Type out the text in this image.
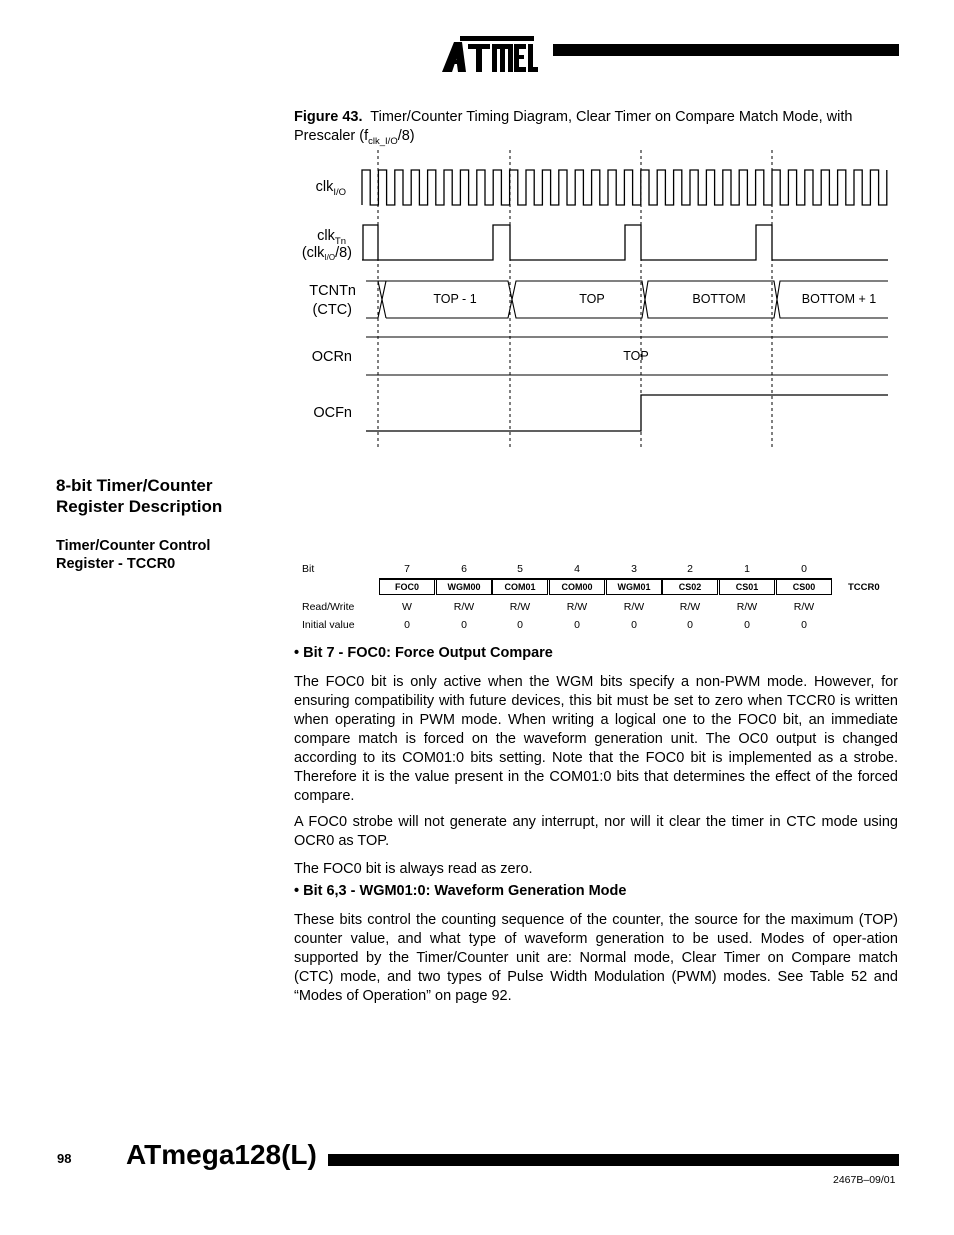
Figure 43. Timer/Counter Timing Diagram, Clear Timer on Compare Match Mode, with Prescaler $(f_{clk\_I/O}/8)$
TOP - 1	TOP	BOTTOM	BOTTOM + 1
TOP
clk$_{I/O}$
clk$_{Tn}$
(clk$_{I/O}$/8)
TCNTn
(CTC)
OCRn
OCFn
8-bit Timer/Counter
Register Description
Timer/Counter Control
Register - TCCR0	Bit	7	6	5	4	3	2	1	0
FOC0	WGM00	COM01	COM00	WGM01	CS02	CS01	CS00	TCCR0
Read/Write	W	R/W	R/W	R/W	R/W	R/W	R/W	R/W
Initial value	0	0	0	0	0	0	0	0
• Bit 7 - FOC0: Force Output Compare
The FOC0 bit is only active when the WGM bits specify a non-PWM mode. However, for ensuring compatibility with future devices, this bit must be set to zero when TCCR0 is written when operating in PWM mode. When writing a logical one to the FOC0 bit, an immediate compare match is forced on the waveform generation unit. The OC0 output is changed according to its COM01:0 bits setting. Note that the FOC0 bit is implemented as a strobe. Therefore it is the value present in the COM01:0 bits that determines the effect of the forced compare.
A FOC0 strobe will not generate any interrupt, nor will it clear the timer in CTC mode using OCR0 as TOP.
The FOC0 bit is always read as zero.
• Bit 6,3 - WGM01:0: Waveform Generation Mode
These bits control the counting sequence of the counter, the source for the maximum (TOP) counter value, and what type of waveform generation to be used. Modes of oper-ation supported by the Timer/Counter unit are: Normal mode, Clear Timer on Compare match (CTC) mode, and two types of Pulse Width Modulation (PWM) modes. See Table 52 and “Modes of Operation” on page 92.
98 ATmega128(L)
2467B–09/01
